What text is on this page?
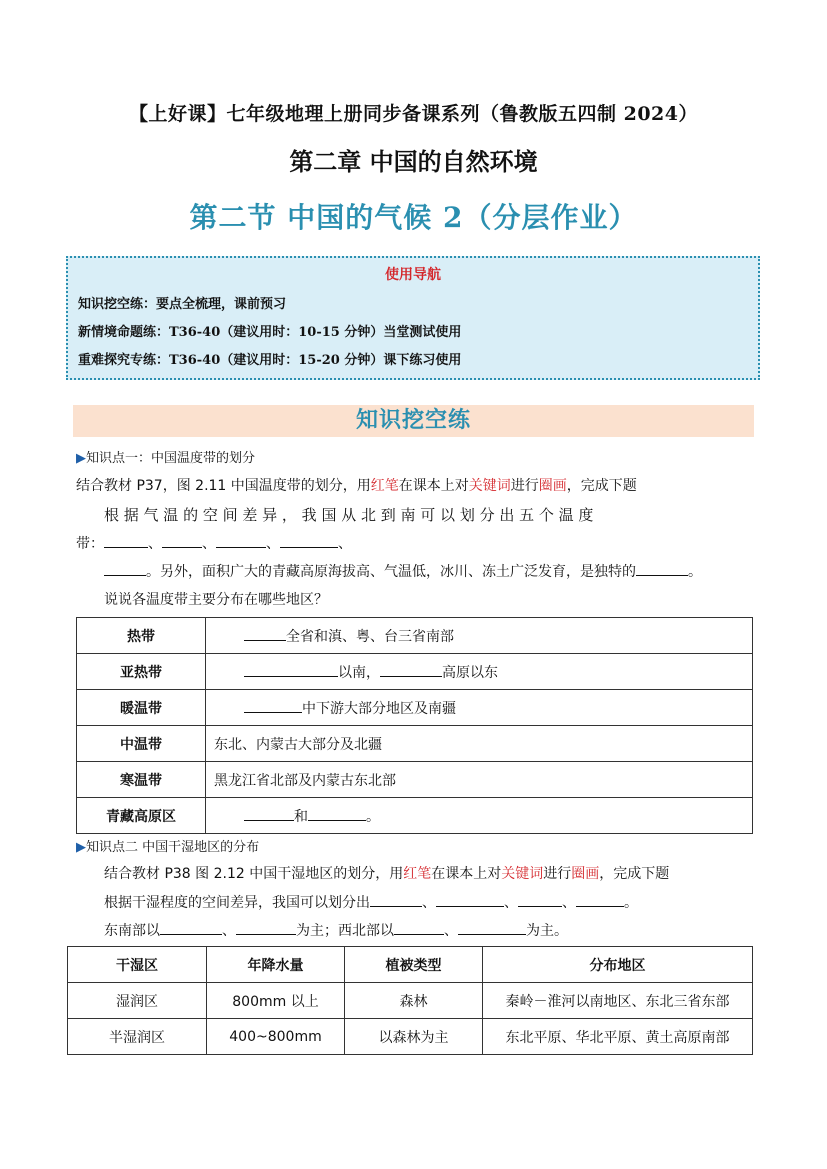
【上好课】七年级地理上册同步备课系列（鲁教版五四制 2024）
第二章 中国的自然环境
第二节 中国的气候 2（分层作业）
使用导航
知识挖空练：要点全梳理，课前预习
新情境命题练：T36-40（建议用时：10-15 分钟）当堂测试使用
重难探究专练：T36-40（建议用时：15-20 分钟）课下练习使用
知识挖空练
▶知识点一：中国温度带的划分
结合教材 P37，图 2.11 中国温度带的划分，用红笔在课本上对关键词进行圈画，完成下题
根 据 气 温 的 空 间 差 异 ， 我 国 从 北 到 南 可 以 划 分 出 五 个 温 度
带：	、	、	、	、
。另外，面积广大的青藏高原海拔高、气温低，冰川、冻土广泛发育，是独特的	。
说说各温度带主要分布在哪些地区？
热带	全省和滇、粤、台三省南部
亚热带	以南， 高原以东
暖温带	中下游大部分地区及南疆
中温带	东北、内蒙古大部分及北疆
寒温带	黑龙江省北部及内蒙古东北部
青藏高原区	和 。
▶知识点二 中国干湿地区的分布
结合教材 P38 图 2.12 中国干湿地区的划分，用红笔在课本上对关键词进行圈画，完成下题
根据干湿程度的空间差异，我国可以划分出	、	、	、	。
东南部以	、	为主；西北部以	、	为主。
干湿区	年降水量	植被类型	分布地区
湿润区	800mm 以上	森林	秦岭－淮河以南地区、东北三省东部
半湿润区	400~800mm	以森林为主	东北平原、华北平原、黄土高原南部
